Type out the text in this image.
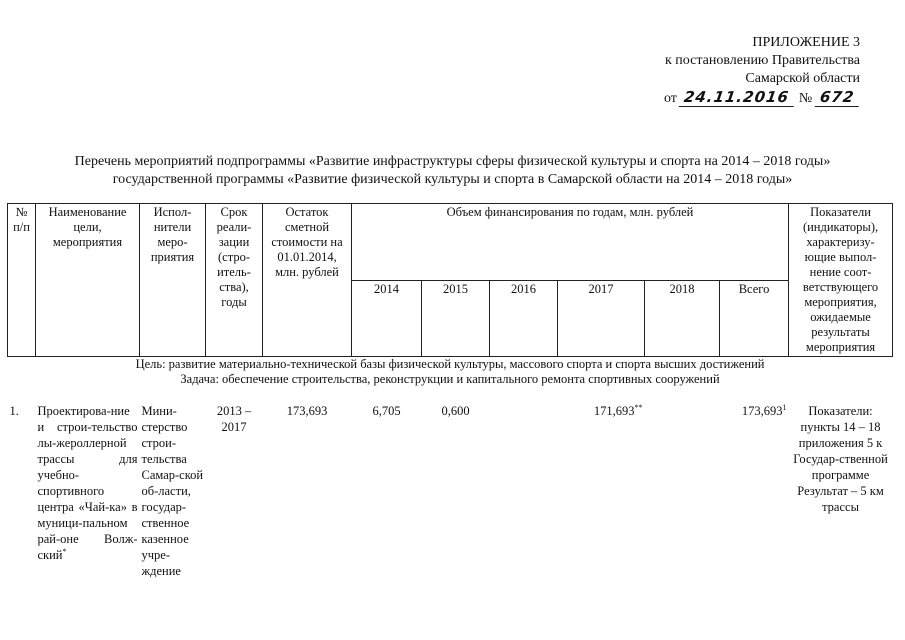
ПРИЛОЖЕНИЕ 3
к постановлению Правительства
Самарской области
от 24.11.2016 № 672
Перечень мероприятий подпрограммы «Развитие инфраструктуры сферы физической культуры и спорта на 2014 – 2018 годы»
государственной программы «Развитие физической культуры и спорта в Самарской области на 2014 – 2018 годы»
№ п/п	Наименование цели, мероприятия	Испол-нители меро-приятия	Срок реали-зации (стро-итель-ства), годы	Остаток сметной стоимости на 01.01.2014, млн. рублей	Объем финансирования по годам, млн. рублей						Показатели (индикаторы), характеризу-ющие выпол-нение соот-ветствующего мероприятия, ожидаемые результаты мероприятия
					2014	2015	2016	2017	2018	Всего	
Цель: развитие материально-технической базы физической культуры, массового спорта и спорта высших достижений											
Задача: обеспечение строительства, реконструкции и капитального ремонта спортивных сооружений											

1.	Проектирова-ние и строи-тельство лы-жероллерной трассы для учебно-спортивного центра «Чай-ка» в муници-пальном рай-оне Волж-ский*	Мини-стерство строи-тельства Самар-ской об-ласти, государ-ственное казенное учре-ждение	2013 – 2017	173,693	6,705	0,600		171,693**		173,693$^1$	Показатели: пункты 14 – 18 приложения 5 к Государ-ственной программе Результат – 5 км трассы
